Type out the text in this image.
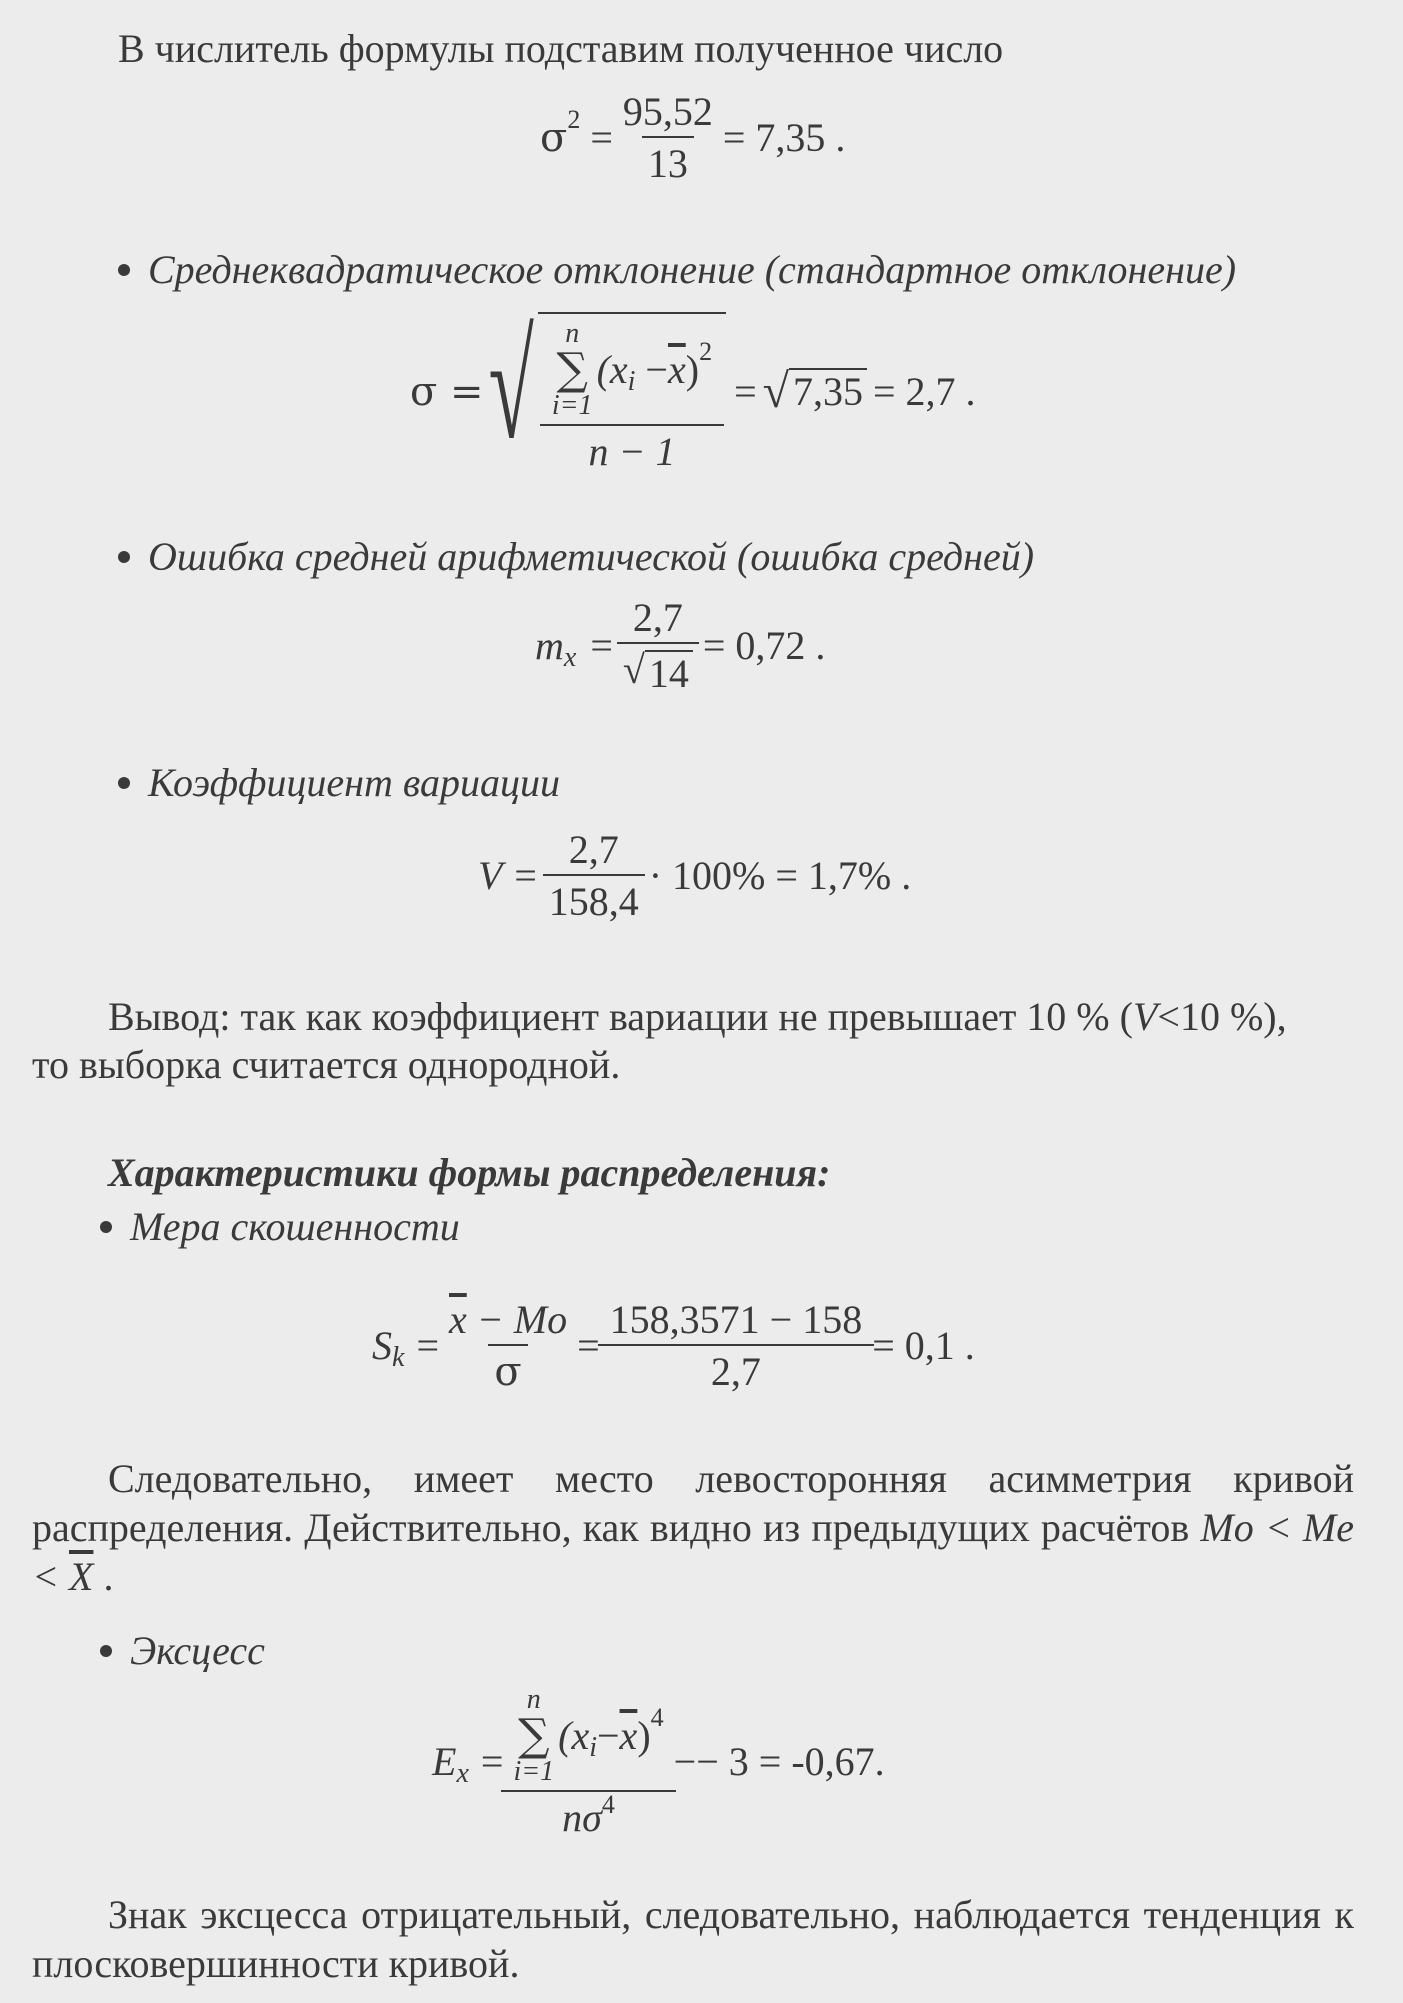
В числитель формулы подставим полученное число
σ $2 = \frac{95,52}{13} = 7,35$ .
Среднеквадратическое отклонение (стандартное отклонение)
σ = √ n
∑
i=1
(x $i - \overline{x}$ ) 2
n − 1
= √ 7,35 = 2,7 .
Ошибка средней арифметической (ошибка средней)
m $x = \frac{2,7}{√ 14} = 0,72$ .
Коэффициент вариации
$V = \frac{2,7}{158,4} \cdot 100\% = 1,7\%$ .
Вывод: так как коэффициент вариации не превышает 10 % (V<10 %),
то выборка считается однородной.
Характеристики формы распределения:
Мера скошенности
S $k = \frac{\overline{x} - Mo}{\sigma} = \frac{158,3571 - 158}{2,7} = 0,1$ .
Следовательно, имеет место левосторонняя асимметрия кривой распределения. Действительно, как видно из предыдущих расчётов $Mo < Me < \overline{X}$ .
Эксцесс
E x = n
∑
i=1
(x $i - \overline{x}$ ) 4
$n\sigma^4 -- 3 = -0,67$.
Знак эксцесса отрицательный, следовательно, наблюдается тенденция к плосковершинности кривой.
